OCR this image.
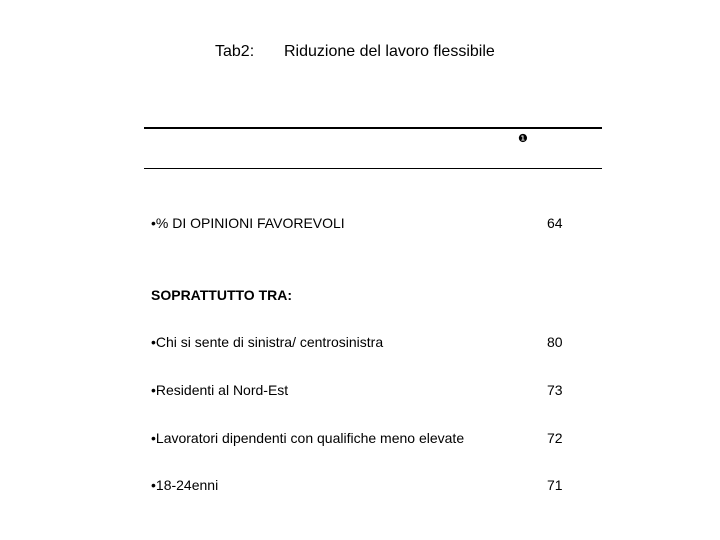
Tab2: Riduzione del lavoro flessibile
❶
•% DI OPINIONI FAVOREVOLI	64
SOPRATTUTTO TRA:
•Chi si sente di sinistra/ centrosinistra	80
•Residenti al Nord-Est	73
•Lavoratori dipendenti con qualifiche meno elevate	72
•18-24enni	71
